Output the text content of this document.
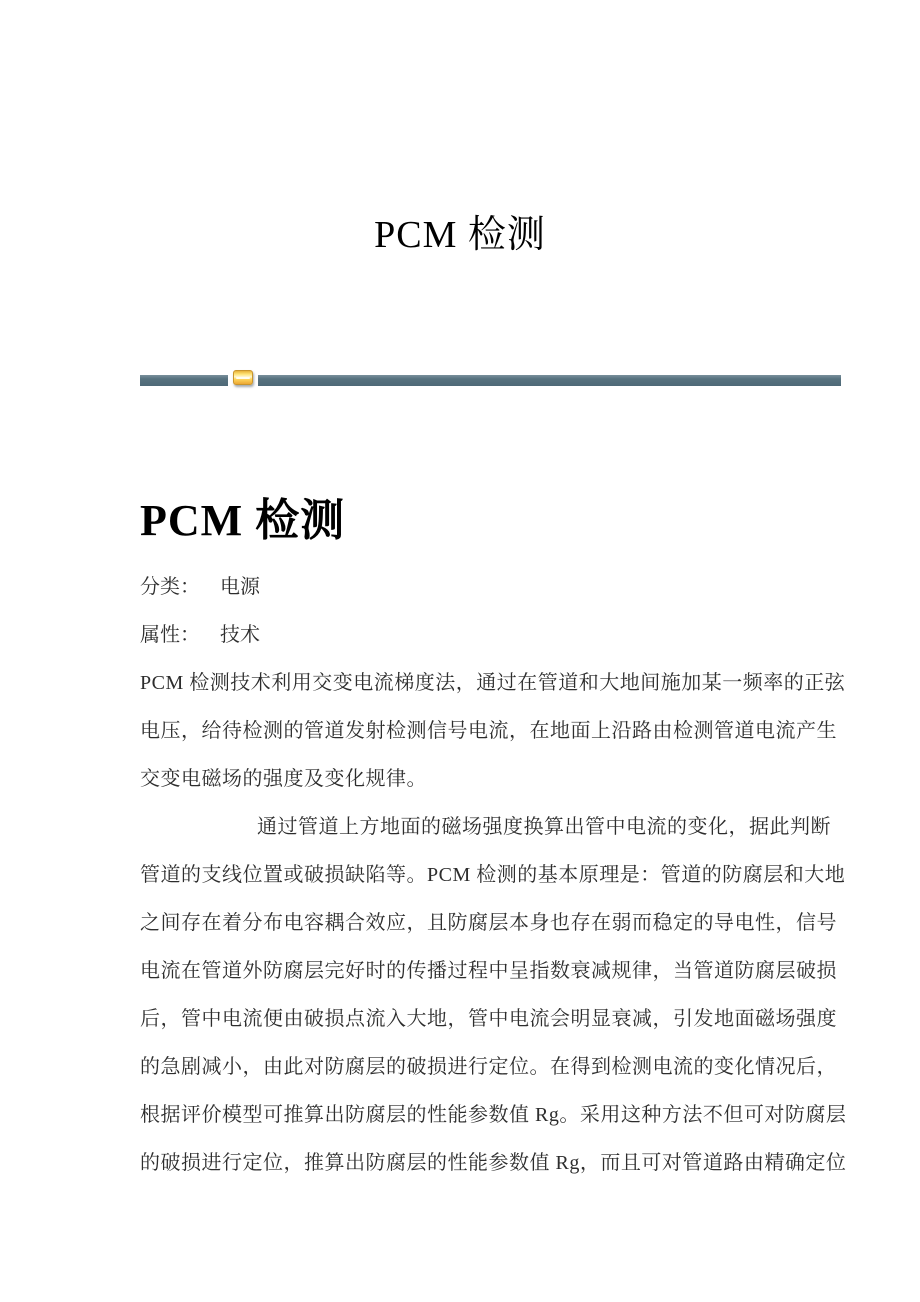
PCM 检测
PCM 检测
分类： 电源
属性： 技术
PCM 检测技术利用交变电流梯度法，通过在管道和大地间施加某一频率的正弦
电压，给待检测的管道发射检测信号电流，在地面上沿路由检测管道电流产生
交变电磁场的强度及变化规律。
通过管道上方地面的磁场强度换算出管中电流的变化，据此判断
管道的支线位置或破损缺陷等。PCM 检测的基本原理是：管道的防腐层和大地
之间存在着分布电容耦合效应，且防腐层本身也存在弱而稳定的导电性，信号
电流在管道外防腐层完好时的传播过程中呈指数衰减规律，当管道防腐层破损
后，管中电流便由破损点流入大地，管中电流会明显衰减，引发地面磁场强度
的急剧减小，由此对防腐层的破损进行定位。在得到检测电流的变化情况后，
根据评价模型可推算出防腐层的性能参数值 Rg。采用这种方法不但可对防腐层
的破损进行定位，推算出防腐层的性能参数值 Rg，而且可对管道路由精确定位
